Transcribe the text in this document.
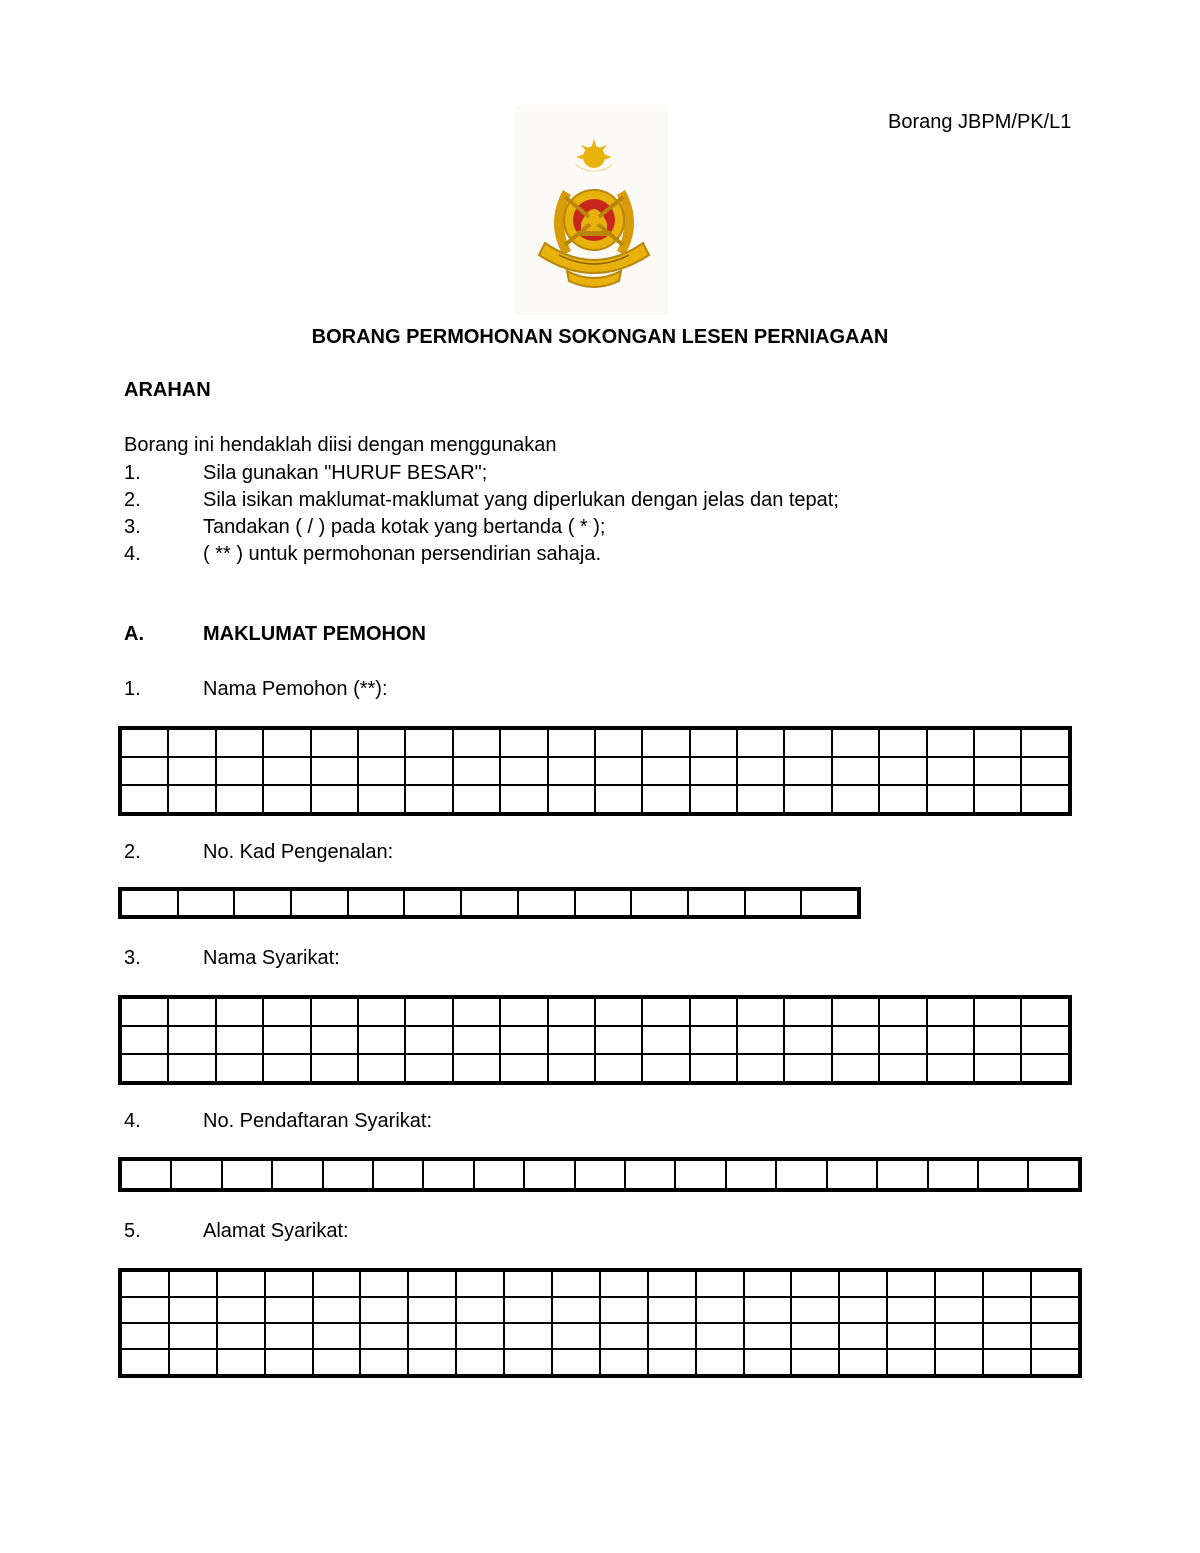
Borang JBPM/PK/L1
BORANG PERMOHONAN SOKONGAN LESEN PERNIAGAAN
ARAHAN
Borang ini hendaklah diisi dengan menggunakan
1.	Sila gunakan "HURUF BESAR";
2.	Sila isikan maklumat-maklumat yang diperlukan dengan jelas dan tepat;
3.	Tandakan ( / ) pada kotak yang bertanda ( * );
4.	( ** ) untuk permohonan persendirian sahaja.
A.	MAKLUMAT PEMOHON
1.	Nama Pemohon (**):

2.	No. Kad Pengenalan:

3.	Nama Syarikat:

4.	No. Pendaftaran Syarikat:

5.	Alamat Syarikat:
